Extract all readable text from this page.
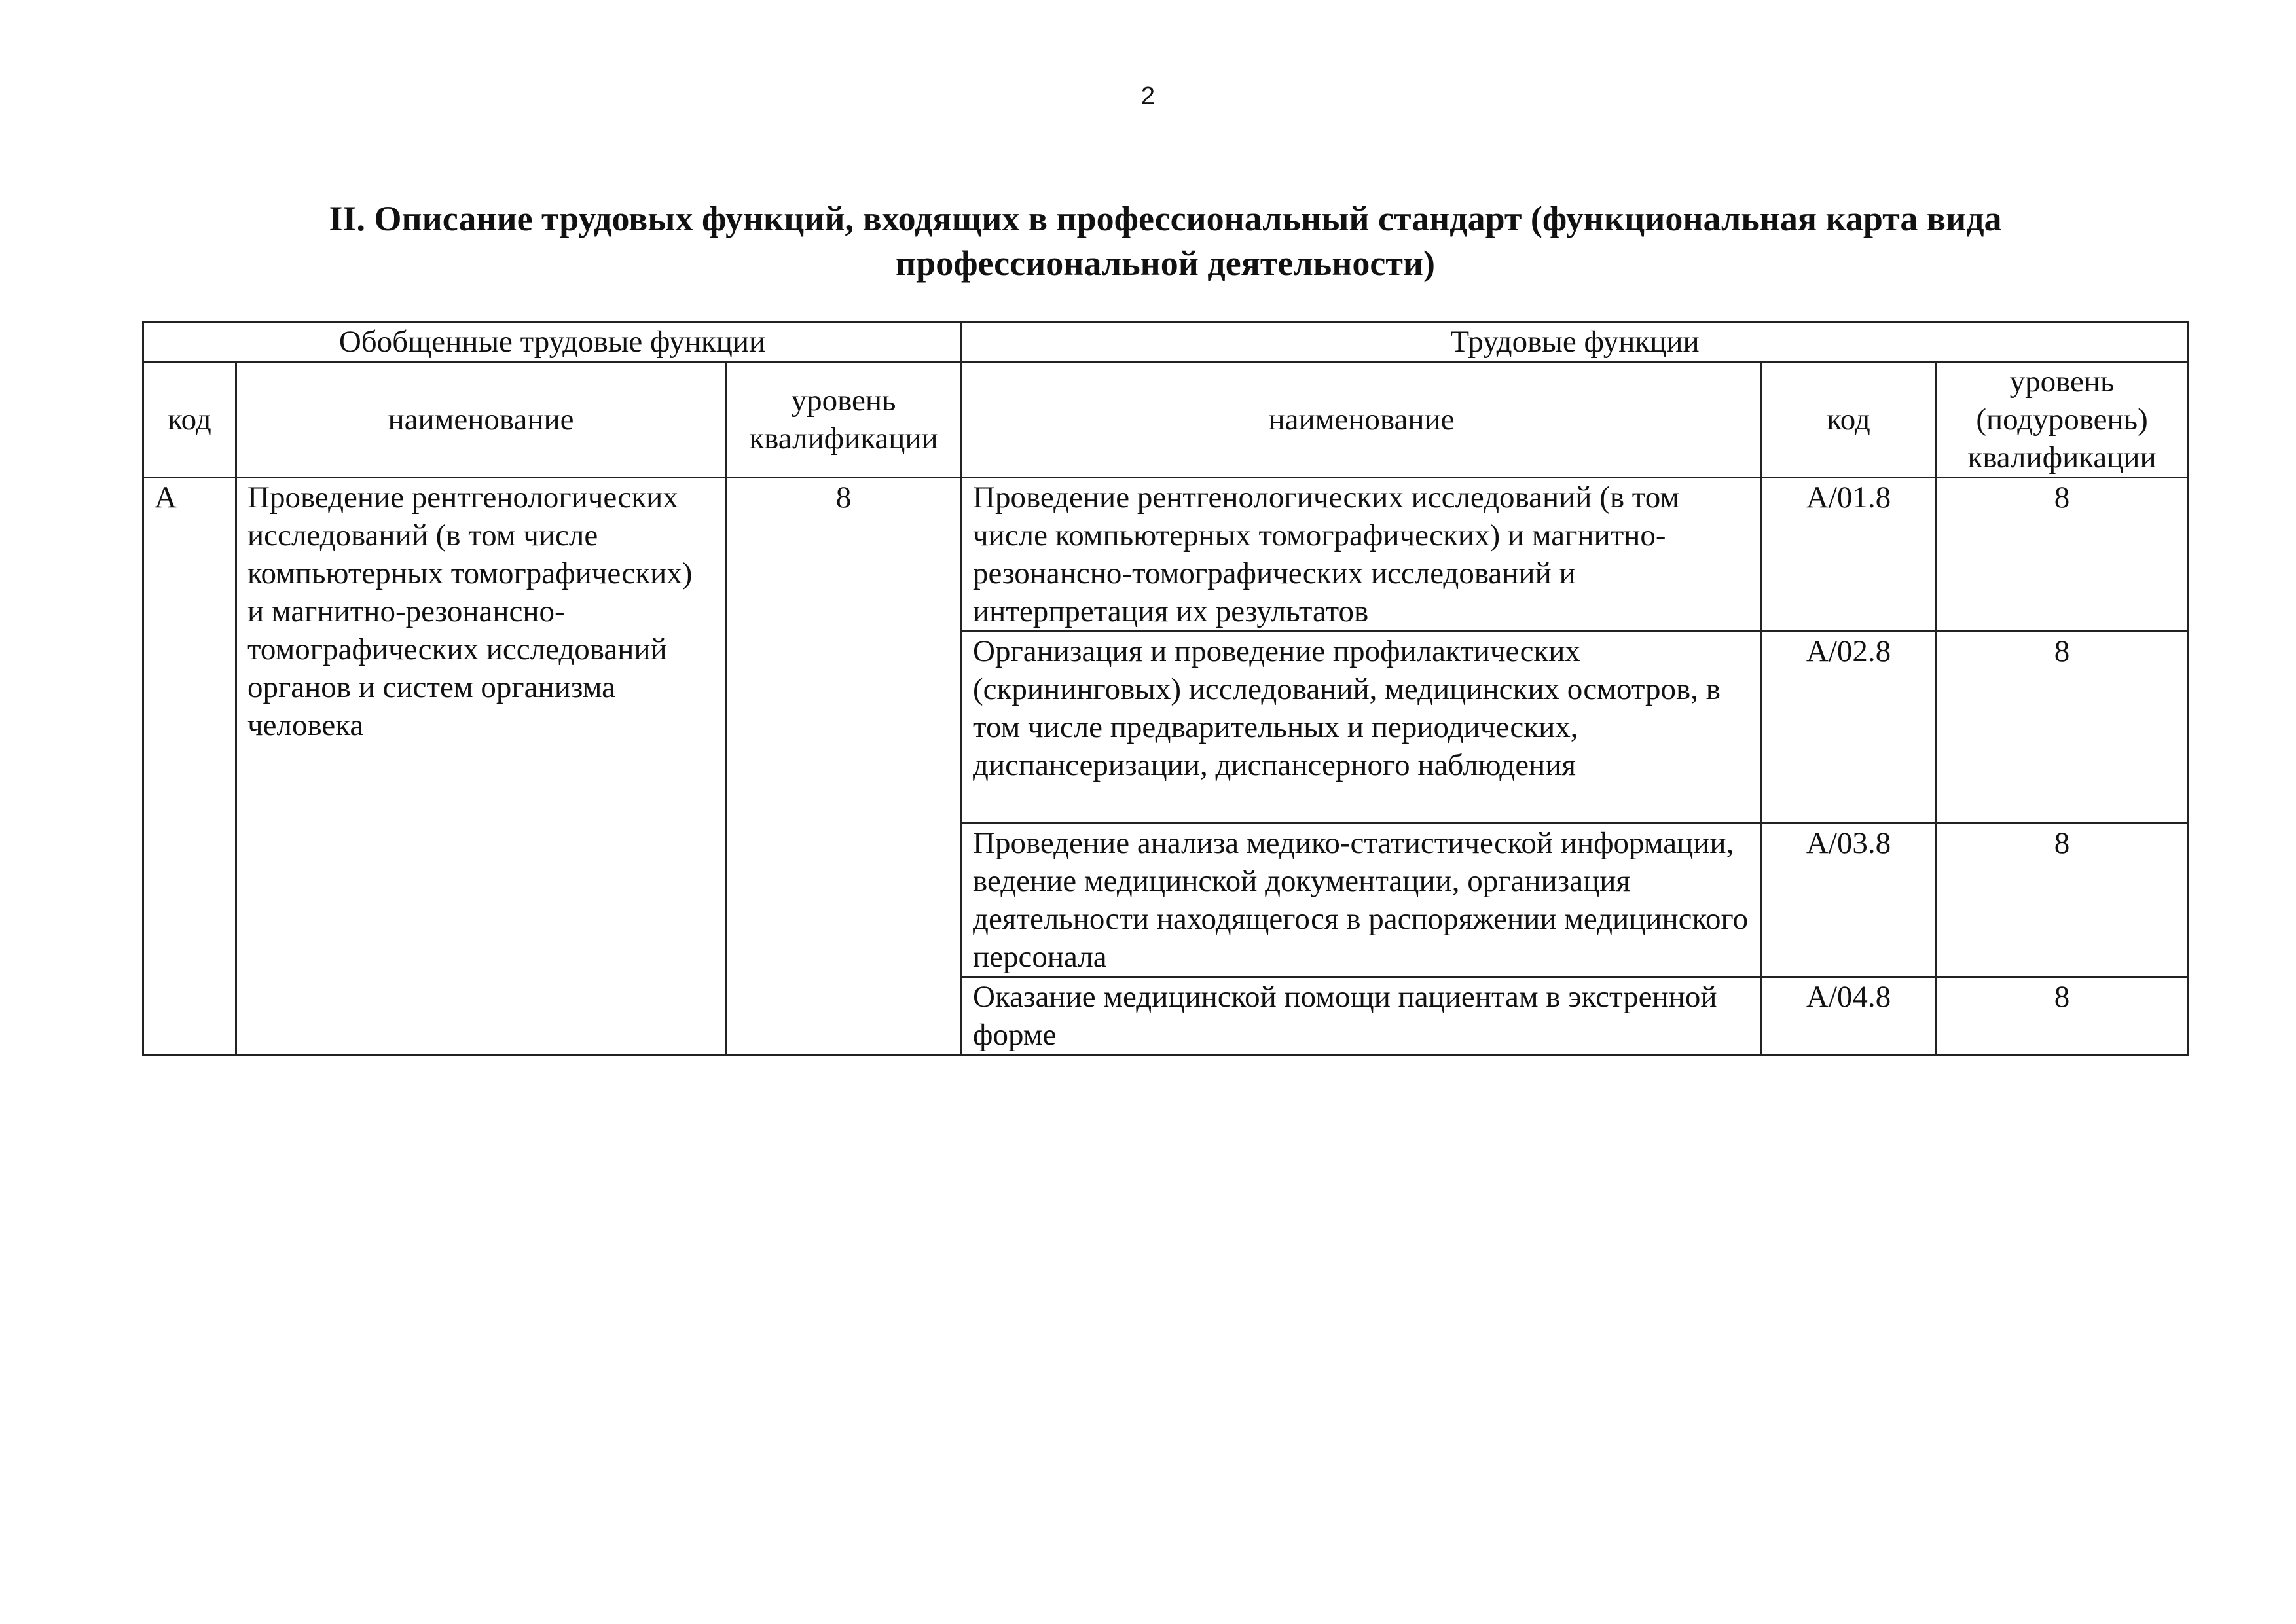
2
II. Описание трудовых функций, входящих в профессиональный стандарт (функциональная карта вида
профессиональной деятельности)
Обобщенные трудовые функции			Трудовые функции		
код	наименование	уровень квалификации	наименование	код	уровень (подуровень) квалификации
А	Проведение рентгенологических исследований (в том числе компьютерных томографических) и магнитно-резонансно-томографических исследований органов и систем организма человека	8	Проведение рентгенологических исследований (в том числе компьютерных томографических) и магнитно-резонансно-томографических исследований и интерпретация их результатов	A/01.8	8
			Организация и проведение профилактических (скрининговых) исследований, медицинских осмотров, в том числе предварительных и периодических, диспансеризации, диспансерного наблюдения	A/02.8	8
			Проведение анализа медико-статистической информации, ведение медицинской документации, организация деятельности находящегося в распоряжении медицинского персонала	A/03.8	8
			Оказание медицинской помощи пациентам в экстренной форме	A/04.8	8
